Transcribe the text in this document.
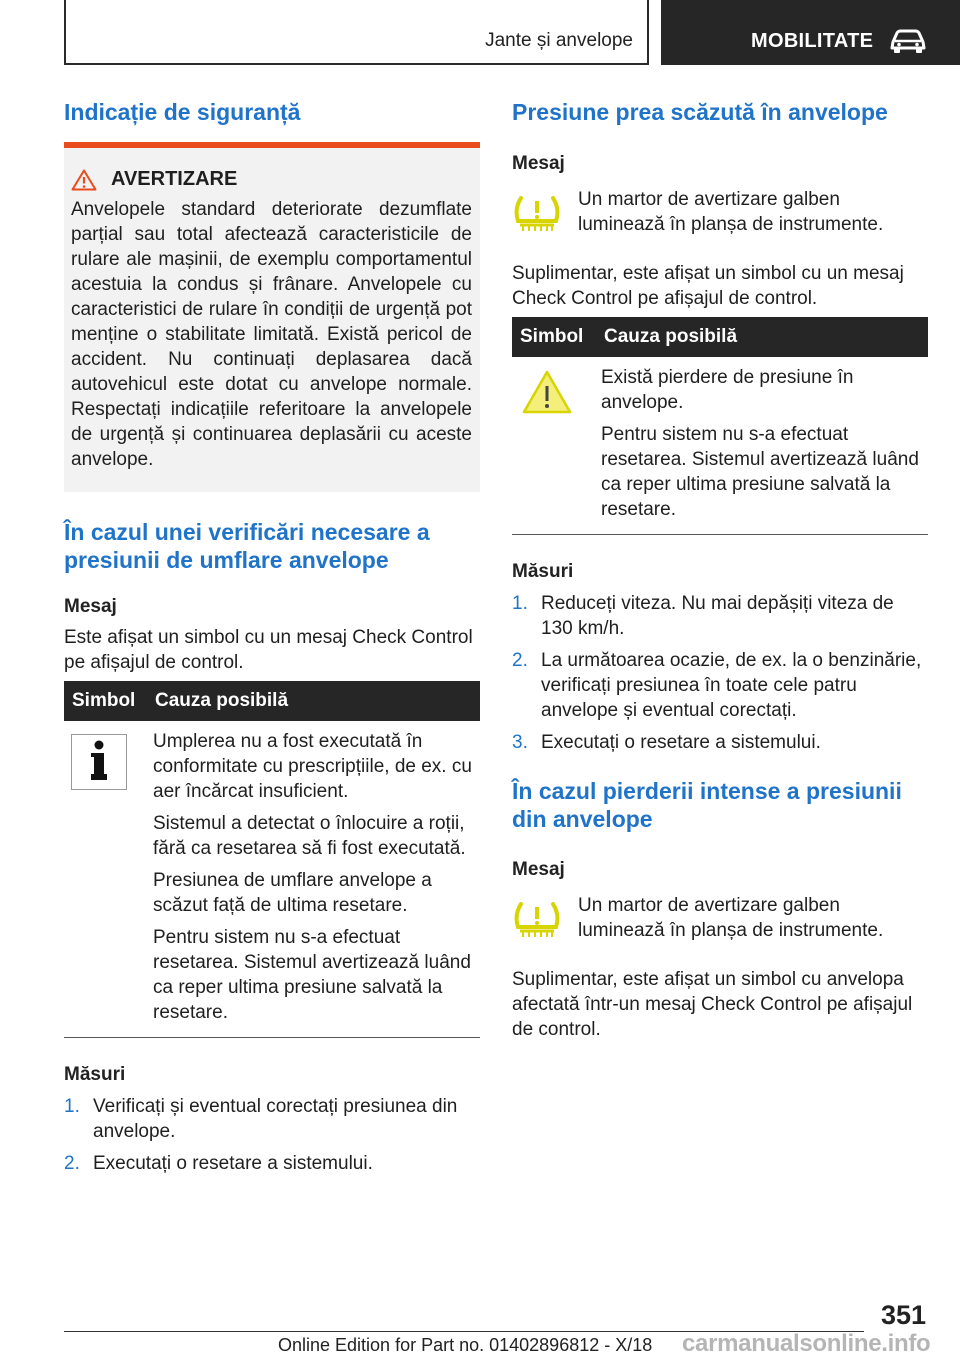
Jante și anvelope	MOBILITATE
Indicație de siguranță
AVERTIZARE
Anvelopele standard deteriorate dezumflate parțial sau total afectează caracteristicile de rulare ale mașinii, de exemplu comportamentul acestuia la condus și frânare. Anvelopele cu caracteristici de rulare în condiții de urgență pot menține o stabilitate limitată. Există pericol de accident. Nu continuați deplasarea dacă autovehicul este dotat cu anvelope normale. Respectați indicațiile referitoare la anvelopele de urgență și continuarea deplasării cu aceste anvelope.
În cazul unei verificări necesare a presiunii de umflare anvelope
Mesaj
Este afișat un simbol cu un mesaj Check Control pe afișajul de control.
Simbol	Cauza posibilă

Umplerea nu a fost executată în conformitate cu prescripțiile, de ex. cu aer încărcat insuficient.

Sistemul a detectat o înlocuire a roții, fără ca resetarea să fi fost executată.

Presiunea de umflare anvelope a scăzut față de ultima resetare.

Pentru sistem nu s-a efectuat resetarea. Sistemul avertizează luând ca reper ultima presiune salvată la resetare.

Măsuri
1. Verificați și eventual corectați presiunea din anvelope.
2. Executați o resetare a sistemului.
Presiune prea scăzută în anvelope
Mesaj
Un martor de avertizare galben luminează în planșa de instrumente.
Suplimentar, este afișat un simbol cu un mesaj Check Control pe afișajul de control.
Simbol	Cauza posibilă

Există pierdere de presiune în anvelope.

Pentru sistem nu s-a efectuat resetarea. Sistemul avertizează luând ca reper ultima presiune salvată la resetare.

Măsuri
1. Reduceți viteza. Nu mai depășiți viteza de 130 km/h.
2. La următoarea ocazie, de ex. la o benzinărie, verificați presiunea în toate cele patru anvelope și eventual corectați.
3. Executați o resetare a sistemului.
În cazul pierderii intense a presiunii din anvelope
Mesaj
Un martor de avertizare galben luminează în planșa de instrumente.
Suplimentar, este afișat un simbol cu anvelopa afectată într-un mesaj Check Control pe afișajul de control.
351
Online Edition for Part no. 01402896812 - X/18 carmanualsonline.info
